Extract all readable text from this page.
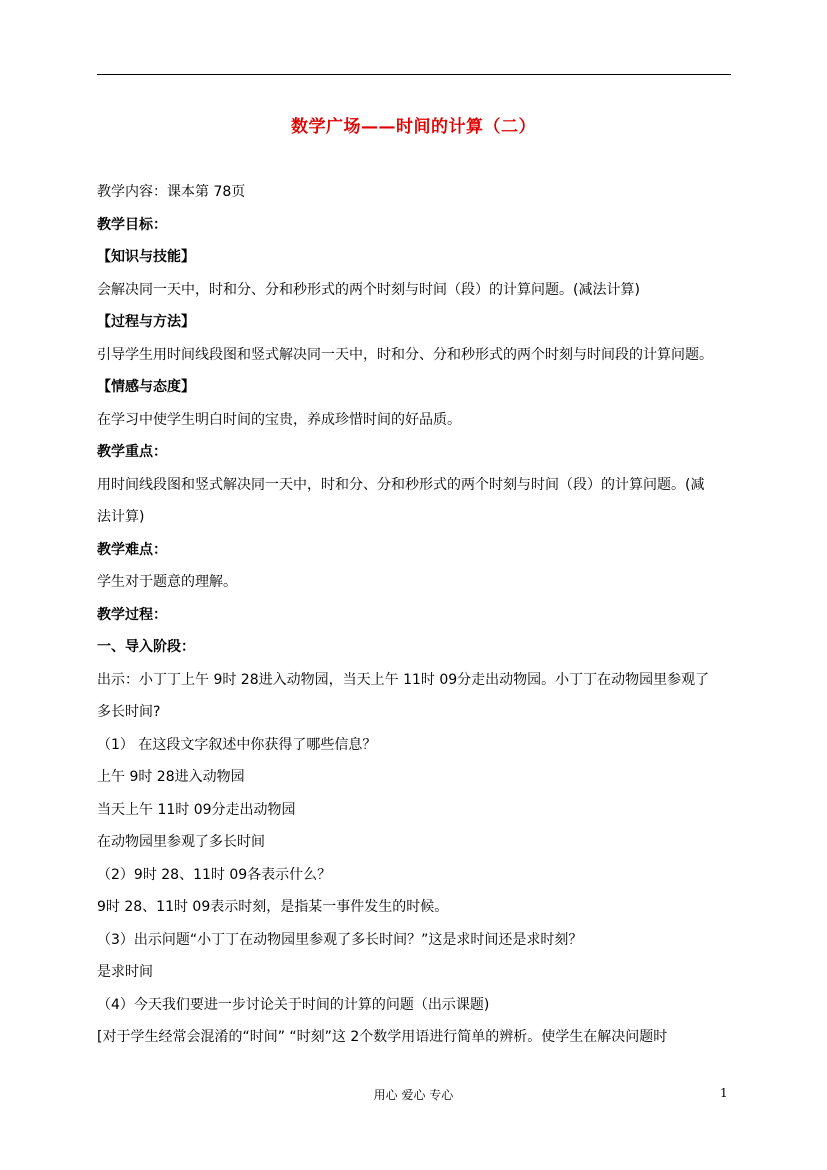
数学广场——时间的计算（二）
教学内容：课本第 78页
教学目标：
【知识与技能】
会解决同一天中，时和分、分和秒形式的两个时刻与时间（段）的计算问题。(减法计算)
【过程与方法】
引导学生用时间线段图和竖式解决同一天中，时和分、分和秒形式的两个时刻与时间段的计算问题。
【情感与态度】
在学习中使学生明白时间的宝贵，养成珍惜时间的好品质。
教学重点：
用时间线段图和竖式解决同一天中，时和分、分和秒形式的两个时刻与时间（段）的计算问题。(减
法计算)
教学难点：
学生对于题意的理解。
教学过程：
一、导入阶段：
出示：小丁丁上午 9时 28进入动物园，当天上午 11时 09分走出动物园。小丁丁在动物园里参观了
多长时间?
（1） 在这段文字叙述中你获得了哪些信息？
上午 9时 28进入动物园
当天上午 11时 09分走出动物园
在动物园里参观了多长时间
（2）9时 28、11时 09各表示什么？
9时 28、11时 09表示时刻，是指某一事件发生的时候。
（3）出示问题“小丁丁在动物园里参观了多长时间？”这是求时间还是求时刻？
是求时间
（4）今天我们要进一步讨论关于时间的计算的问题（出示课题)
[对于学生经常会混淆的“时间” “时刻”这 2个数学用语进行简单的辨析。使学生在解决问题时
用心 爱心 专心	1
